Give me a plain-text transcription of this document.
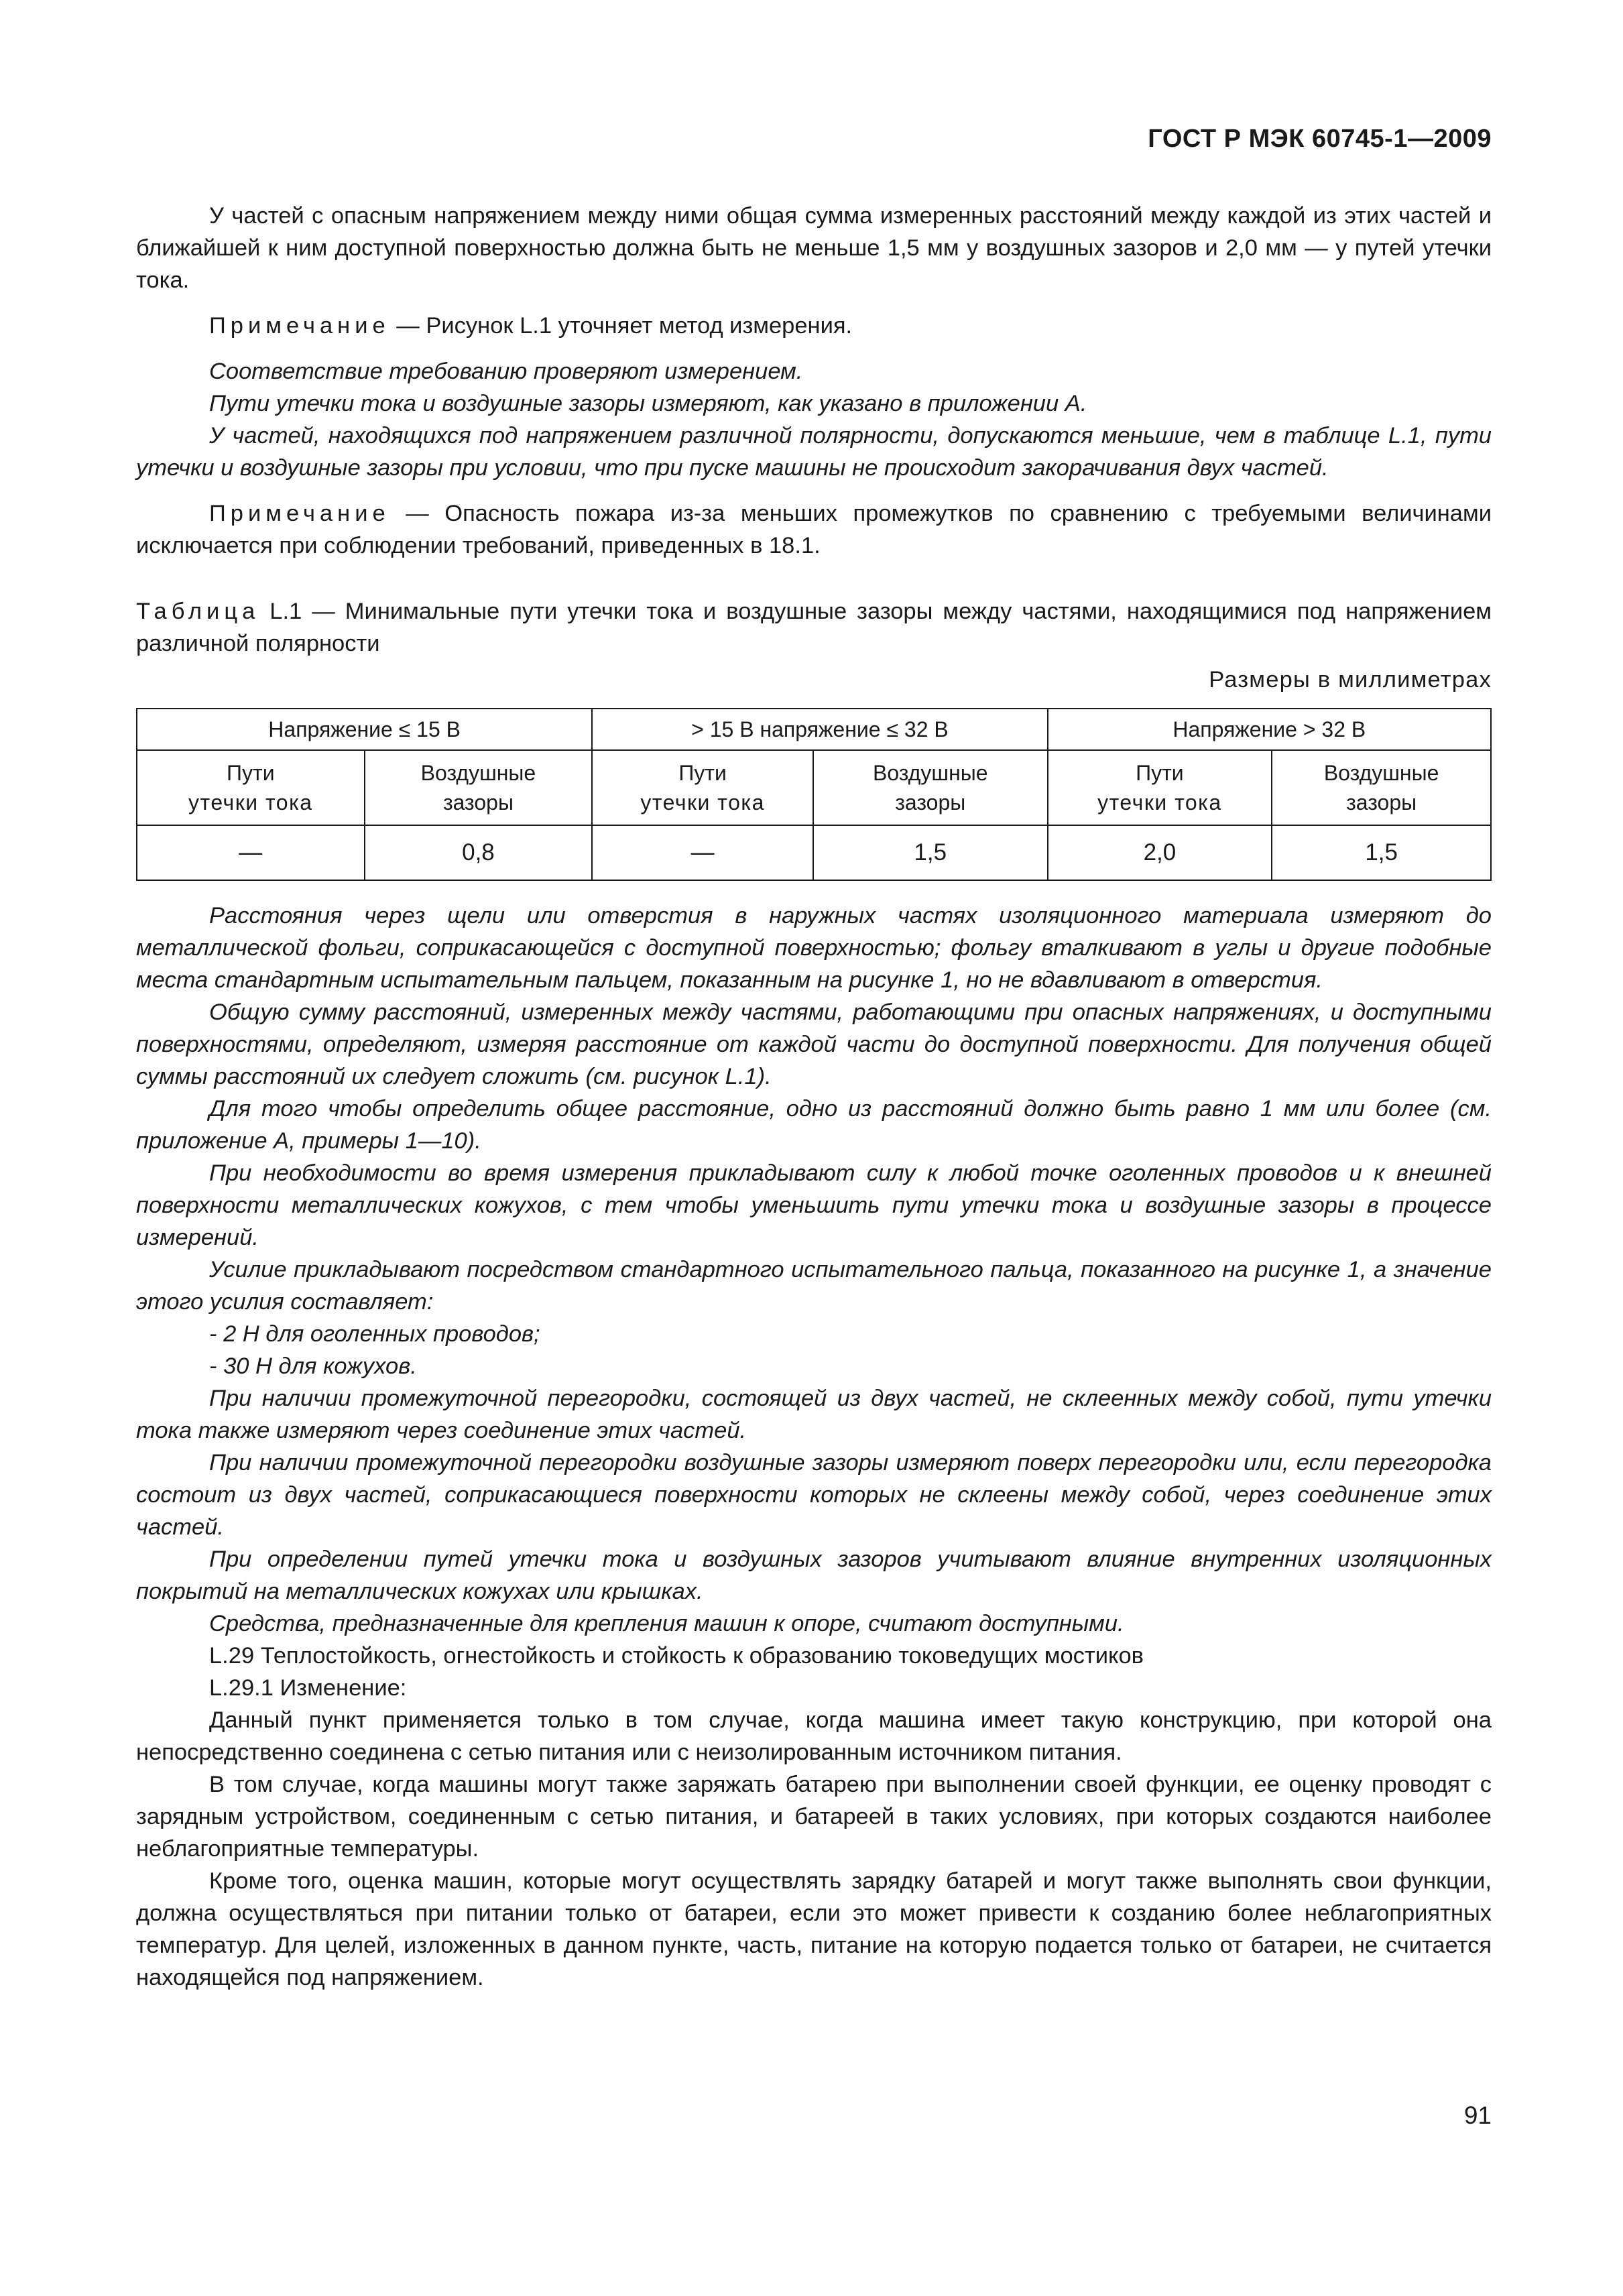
ГОСТ Р МЭК 60745-1—2009

У частей с опасным напряжением между ними общая сумма измеренных расстояний между каждой из этих частей и ближайшей к ним доступной поверхностью должна быть не меньше 1,5 мм у воздушных зазоров и 2,0 мм — у путей утечки тока.

Примечание — Рисунок L.1 уточняет метод измерения.

Соответствие требованию проверяют измерением.

Пути утечки тока и воздушные зазоры измеряют, как указано в приложении А.

У частей, находящихся под напряжением различной полярности, допускаются меньшие, чем в таблице L.1, пути утечки и воздушные зазоры при условии, что при пуске машины не происходит закорачивания двух частей.

Примечание — Опасность пожара из-за меньших промежутков по сравнению с требуемыми величинами исключается при соблюдении требований, приведенных в 18.1.

Таблица L.1 — Минимальные пути утечки тока и воздушные зазоры между частями, находящимися под напряжением различной полярности

Размеры в миллиметрах
Напряжение ≤ 15 В		> 15 В напряжение ≤ 32 В		Напряжение > 32 В	
Пути
утечки тока	Воздушные
зазоры	Пути
утечки тока	Воздушные
зазоры	Пути
утечки тока	Воздушные
зазоры
—	0,8	—	1,5	2,0	1,5

Расстояния через щели или отверстия в наружных частях изоляционного материала измеряют до металлической фольги, соприкасающейся с доступной поверхностью; фольгу вталкивают в углы и другие подобные места стандартным испытательным пальцем, показанным на рисунке 1, но не вдавливают в отверстия.

Общую сумму расстояний, измеренных между частями, работающими при опасных напряжениях, и доступными поверхностями, определяют, измеряя расстояние от каждой части до доступной поверхности. Для получения общей суммы расстояний их следует сложить (см. рисунок L.1).

Для того чтобы определить общее расстояние, одно из расстояний должно быть равно 1 мм или более (см. приложение А, примеры 1—10).

При необходимости во время измерения прикладывают силу к любой точке оголенных проводов и к внешней поверхности металлических кожухов, с тем чтобы уменьшить пути утечки тока и воздушные зазоры в процессе измерений.

Усилие прикладывают посредством стандартного испытательного пальца, показанного на рисунке 1, а значение этого усилия составляет:

- 2 Н для оголенных проводов;

- 30 Н для кожухов.

При наличии промежуточной перегородки, состоящей из двух частей, не склеенных между собой, пути утечки тока также измеряют через соединение этих частей.

При наличии промежуточной перегородки воздушные зазоры измеряют поверх перегородки или, если перегородка состоит из двух частей, соприкасающиеся поверхности которых не склеены между собой, через соединение этих частей.

При определении путей утечки тока и воздушных зазоров учитывают влияние внутренних изоляционных покрытий на металлических кожухах или крышках.

Средства, предназначенные для крепления машин к опоре, считают доступными.

L.29 Теплостойкость, огнестойкость и стойкость к образованию токоведущих мостиков

L.29.1 Изменение:

Данный пункт применяется только в том случае, когда машина имеет такую конструкцию, при которой она непосредственно соединена с сетью питания или с неизолированным источником питания.

В том случае, когда машины могут также заряжать батарею при выполнении своей функции, ее оценку проводят с зарядным устройством, соединенным с сетью питания, и батареей в таких условиях, при которых создаются наиболее неблагоприятные температуры.

Кроме того, оценка машин, которые могут осуществлять зарядку батарей и могут также выполнять свои функции, должна осуществляться при питании только от батареи, если это может привести к созданию более неблагоприятных температур. Для целей, изложенных в данном пункте, часть, питание на которую подается только от батареи, не считается находящейся под напряжением.

91
